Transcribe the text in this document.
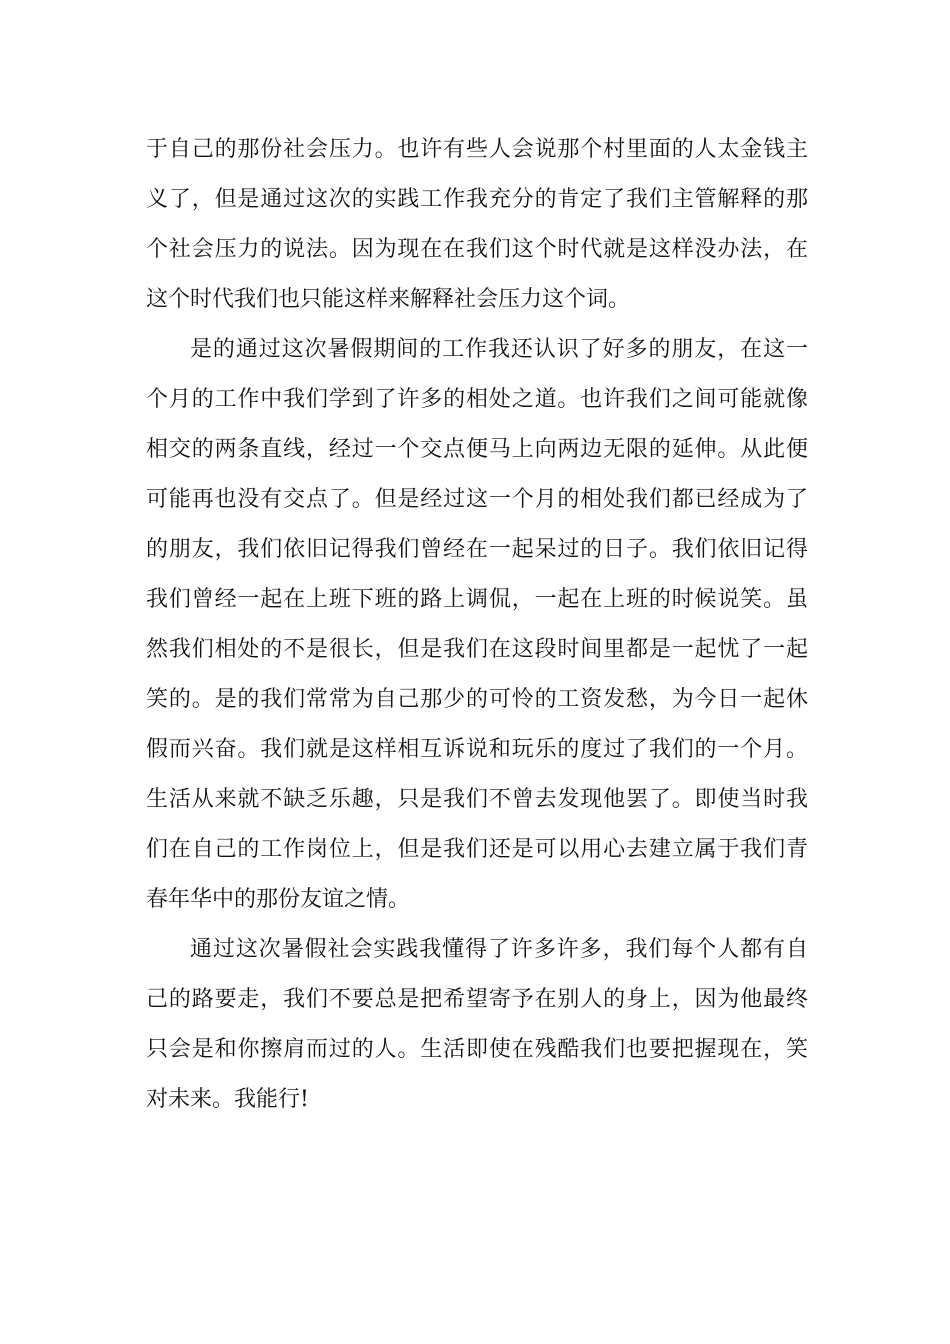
于自己的那份社会压力。也许有些人会说那个村里面的人太金钱主
义了，但是通过这次的实践工作我充分的肯定了我们主管解释的那
个社会压力的说法。因为现在在我们这个时代就是这样没办法，在
这个时代我们也只能这样来解释社会压力这个词。
是的通过这次暑假期间的工作我还认识了好多的朋友，在这一
个月的工作中我们学到了许多的相处之道。也许我们之间可能就像
相交的两条直线，经过一个交点便马上向两边无限的延伸。从此便
可能再也没有交点了。但是经过这一个月的相处我们都已经成为了
的朋友，我们依旧记得我们曾经在一起呆过的日子。我们依旧记得
我们曾经一起在上班下班的路上调侃，一起在上班的时候说笑。虽
然我们相处的不是很长，但是我们在这段时间里都是一起忧了一起
笑的。是的我们常常为自己那少的可怜的工资发愁，为今日一起休
假而兴奋。我们就是这样相互诉说和玩乐的度过了我们的一个月。
生活从来就不缺乏乐趣，只是我们不曾去发现他罢了。即使当时我
们在自己的工作岗位上，但是我们还是可以用心去建立属于我们青
春年华中的那份友谊之情。
通过这次暑假社会实践我懂得了许多许多，我们每个人都有自
己的路要走，我们不要总是把希望寄予在别人的身上，因为他最终
只会是和你擦肩而过的人。生活即使在残酷我们也要把握现在，笑
对未来。我能行!
